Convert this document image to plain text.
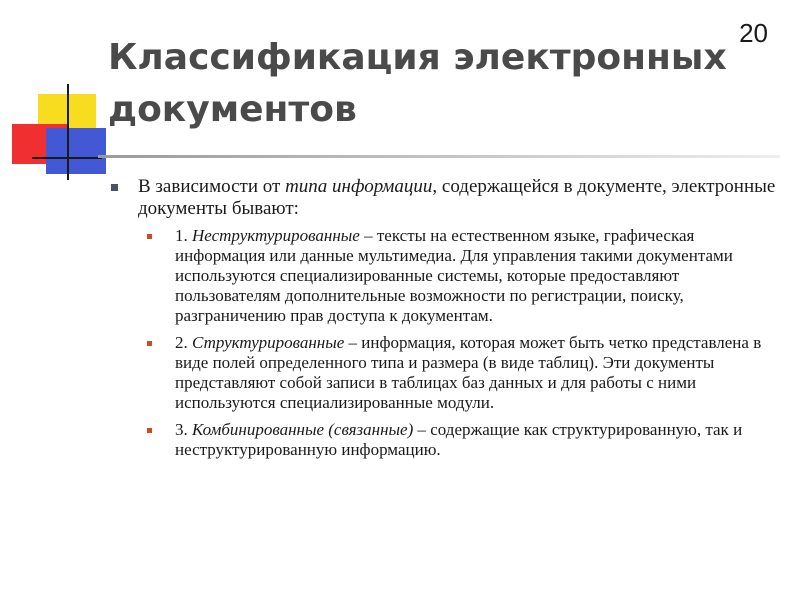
20
Классификация электронных документов
В зависимости от типа информации, содержащейся в документе, электронные документы бывают:
1. Неструктурированные – тексты на естественном языке, графическая информация или данные мультимедиа. Для управления такими документами используются специализированные системы, которые предоставляют пользователям дополнительные возможности по регистрации, поиску, разграничению прав доступа к документам.
2. Структурированные – информация, которая может быть четко представлена в виде полей определенного типа и размера (в виде таблиц). Эти документы представляют собой записи в таблицах баз данных и для работы с ними используются специализированные модули.
3. Комбинированные (связанные) – содержащие как структурированную, так и неструктурированную информацию.
